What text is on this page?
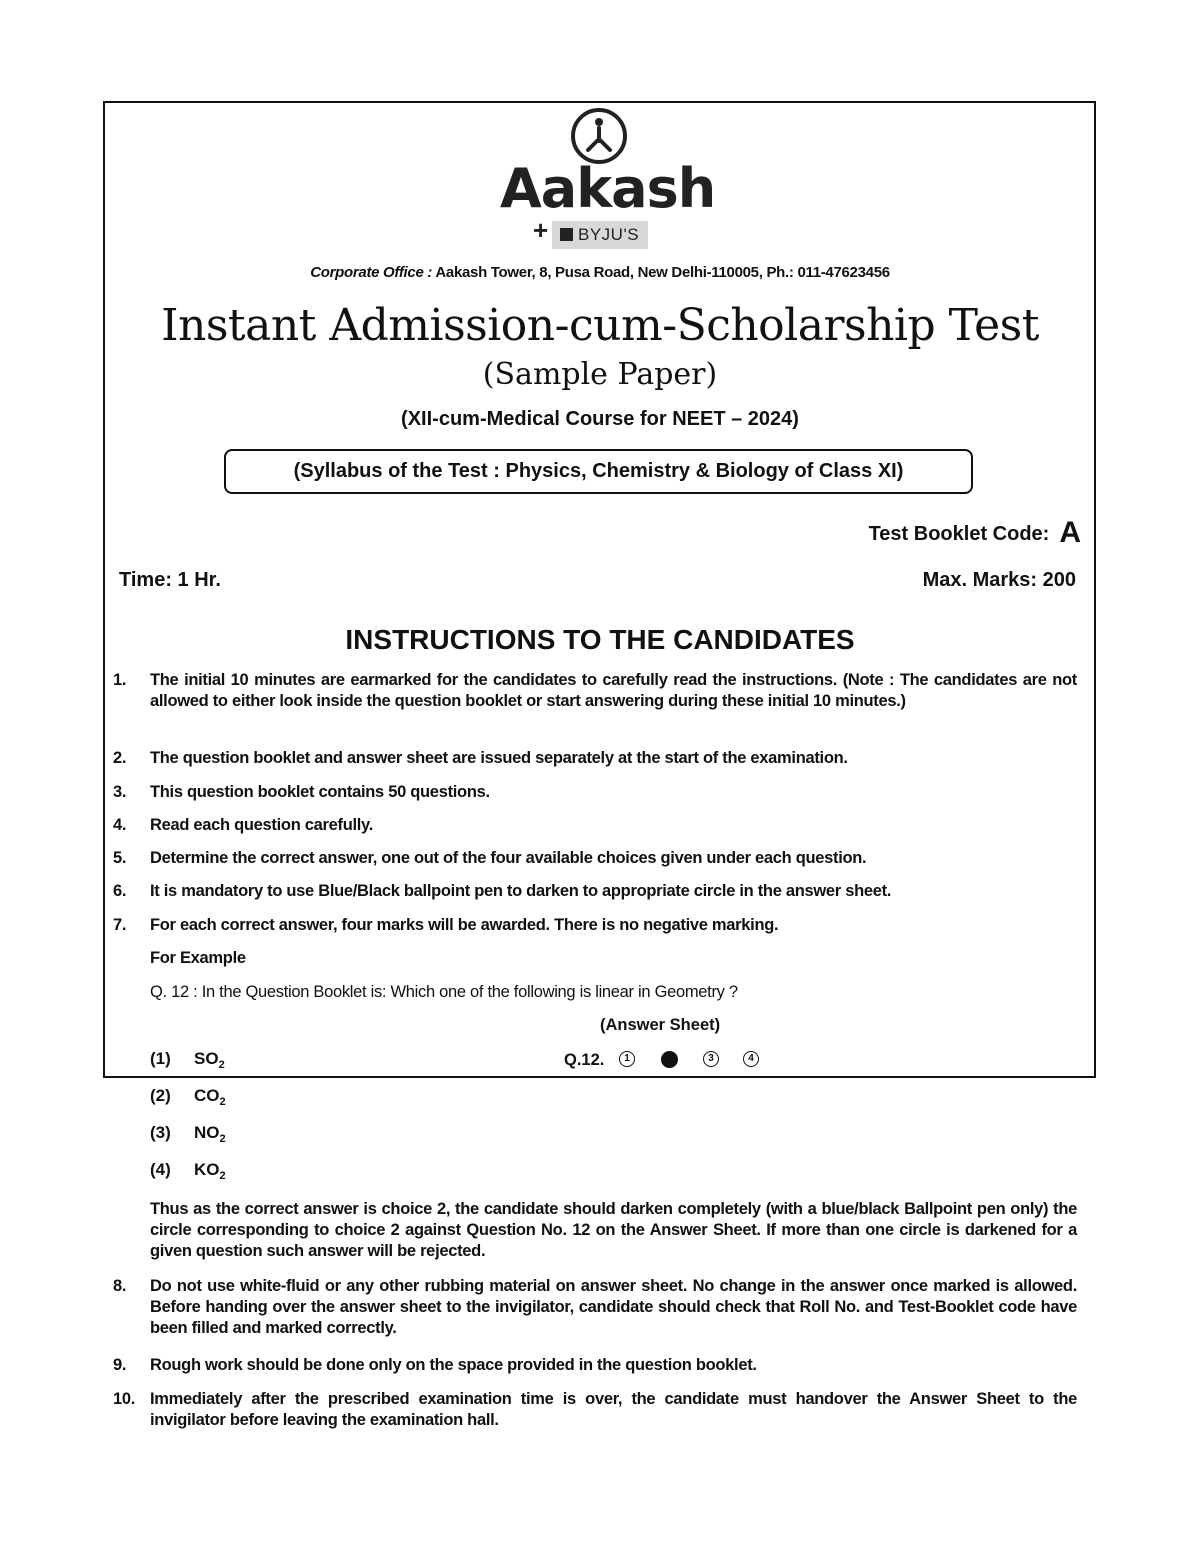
Aakash
+	BYJU'S
Corporate Office : Aakash Tower, 8, Pusa Road, New Delhi-110005, Ph.: 011-47623456
Instant Admission-cum-Scholarship Test
(Sample Paper)
(XII-cum-Medical Course for NEET – 2024)
(Syllabus of the Test : Physics, Chemistry & Biology of Class XI)
Test Booklet Code: A
Time: 1 Hr.	Max. Marks: 200
INSTRUCTIONS TO THE CANDIDATES
1.	The initial 10 minutes are earmarked for the candidates to carefully read the instructions. (Note : The candidates are not allowed to either look inside the question booklet or start answering during these initial 10 minutes.)
2.	The question booklet and answer sheet are issued separately at the start of the examination.
3.	This question booklet contains 50 questions.
4.	Read each question carefully.
5.	Determine the correct answer, one out of the four available choices given under each question.
6.	It is mandatory to use Blue/Black ballpoint pen to darken to appropriate circle in the answer sheet.
7.	For each correct answer, four marks will be awarded. There is no negative marking.
For Example
Q. 12 : In the Question Booklet is: Which one of the following is linear in Geometry ?
(Answer Sheet)
Q.12.	1	3	4
(1) $SO_2$
(2) $CO_2$
(3) $NO_2$
(4) $KO_2$
Thus as the correct answer is choice 2, the candidate should darken completely (with a blue/black Ballpoint pen only) the circle corresponding to choice 2 against Question No. 12 on the Answer Sheet. If more than one circle is darkened for a given question such answer will be rejected.
8.	Do not use white-fluid or any other rubbing material on answer sheet. No change in the answer once marked is allowed. Before handing over the answer sheet to the invigilator, candidate should check that Roll No. and Test-Booklet code have been filled and marked correctly.
9.	Rough work should be done only on the space provided in the question booklet.
10. Immediately after the prescribed examination time is over, the candidate must handover the Answer Sheet to the invigilator before leaving the examination hall.
